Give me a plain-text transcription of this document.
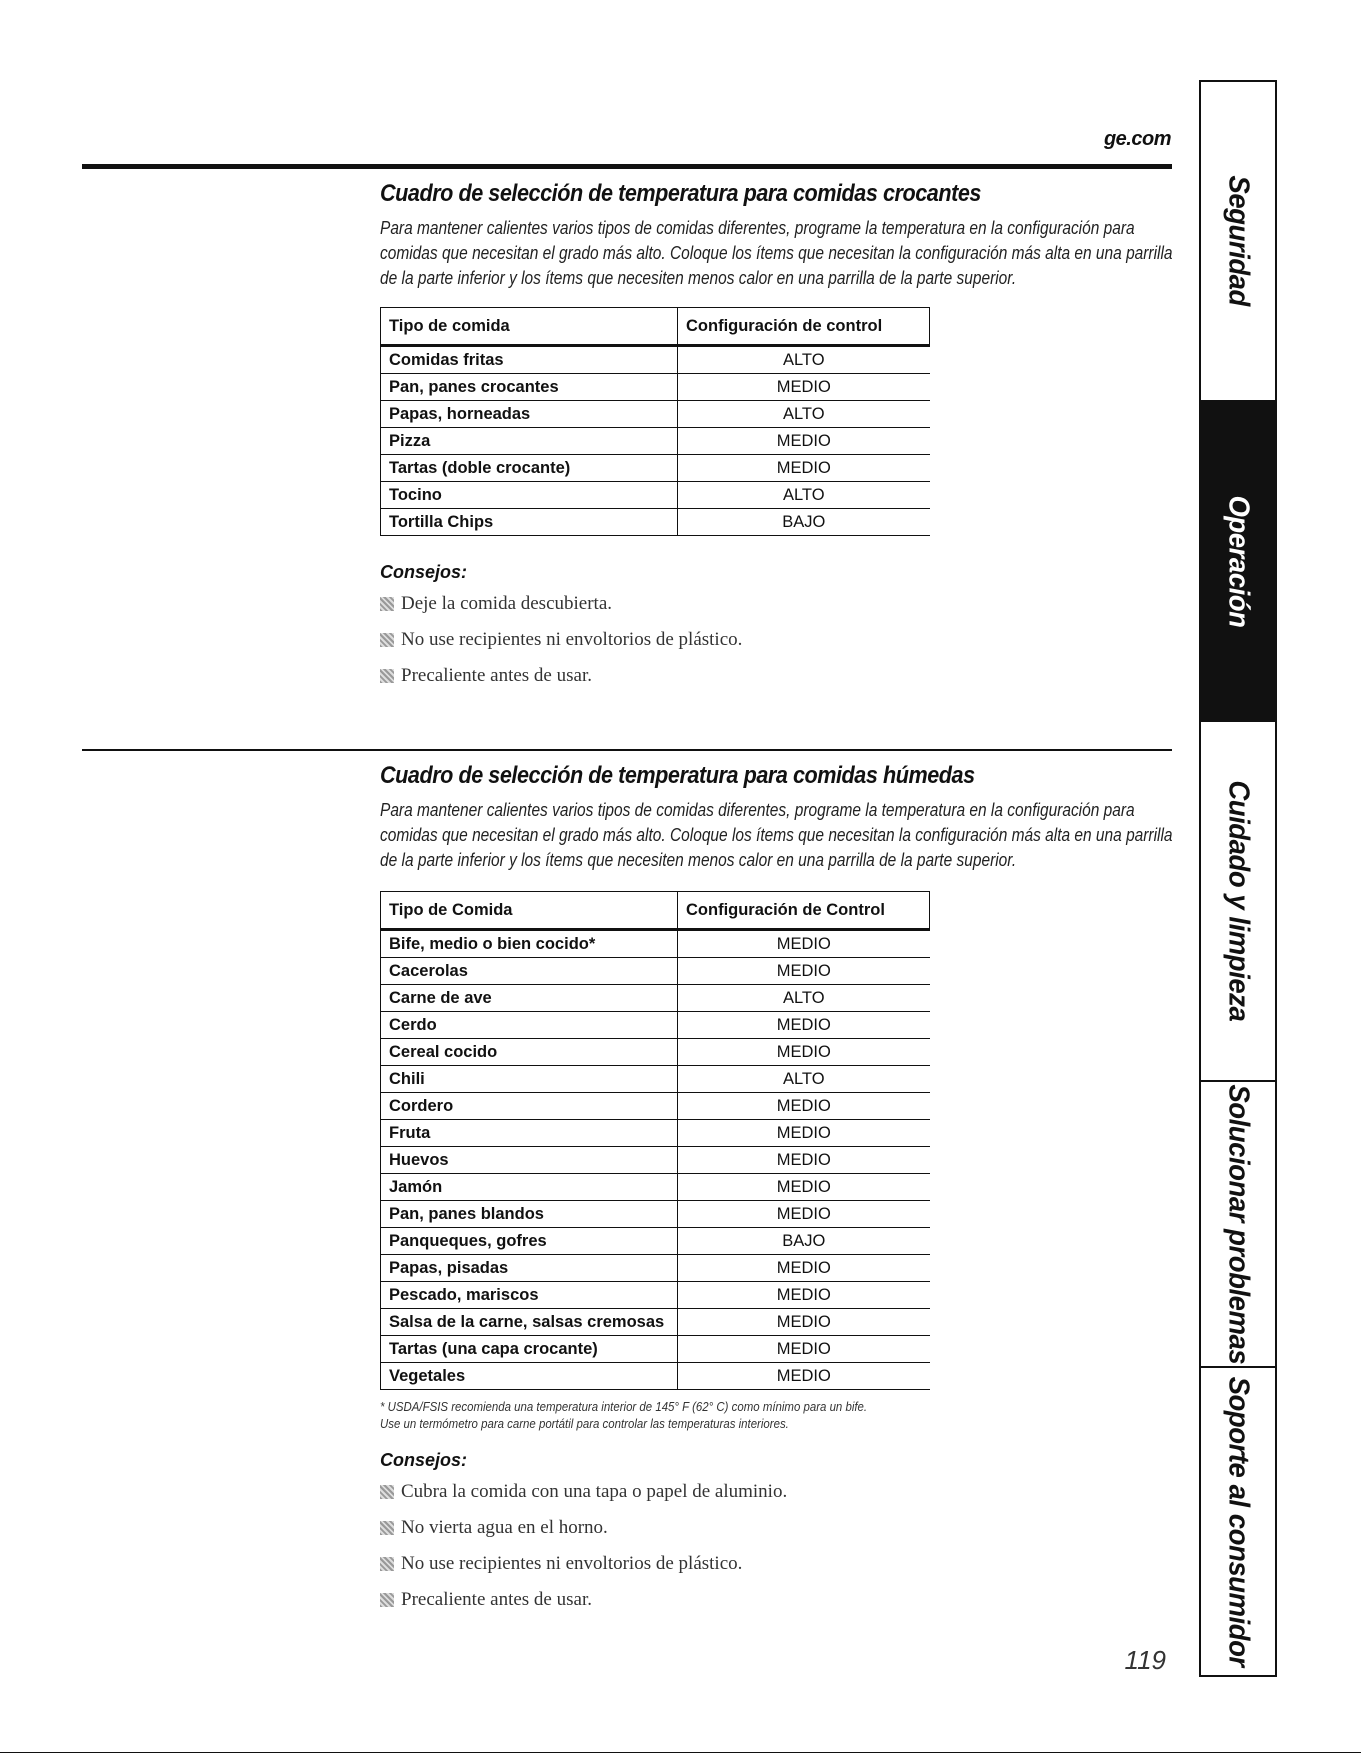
ge.com
Cuadro de selección de temperatura para comidas crocantes

Para mantener calientes varios tipos de comidas diferentes, programe la temperatura en la configuración para comidas que necesitan el grado más alto. Coloque los ítems que necesitan la configuración más alta en una parrilla de la parte inferior y los ítems que necesiten menos calor en una parrilla de la parte superior.

Tipo de comida	Configuración de control
Comidas fritas	ALTO
Pan, panes crocantes	MEDIO
Papas, horneadas	ALTO
Pizza	MEDIO
Tartas (doble crocante)	MEDIO
Tocino	ALTO
Tortilla Chips	BAJO
Consejos:
Deje la comida descubierta.
No use recipientes ni envoltorios de plástico.
Precaliente antes de usar.
Cuadro de selección de temperatura para comidas húmedas

Para mantener calientes varios tipos de comidas diferentes, programe la temperatura en la configuración para comidas que necesitan el grado más alto. Coloque los ítems que necesitan la configuración más alta en una parrilla de la parte inferior y los ítems que necesiten menos calor en una parrilla de la parte superior.

Tipo de Comida	Configuración de Control
Bife, medio o bien cocido*	MEDIO
Cacerolas	MEDIO
Carne de ave	ALTO
Cerdo	MEDIO
Cereal cocido	MEDIO
Chili	ALTO
Cordero	MEDIO
Fruta	MEDIO
Huevos	MEDIO
Jamón	MEDIO
Pan, panes blandos	MEDIO
Panqueques, gofres	BAJO
Papas, pisadas	MEDIO
Pescado, mariscos	MEDIO
Salsa de la carne, salsas cremosas	MEDIO
Tartas (una capa crocante)	MEDIO
Vegetales	MEDIO
* USDA/FSIS recomienda una temperatura interior de 145° F (62° C) como mínimo para un bife. Use un termómetro para carne portátil para controlar las temperaturas interiores.
Consejos:
Cubra la comida con una tapa o papel de aluminio.
No vierta agua en el horno.
No use recipientes ni envoltorios de plástico.
Precaliente antes de usar.
119
Seguridad
Operación
Cuidado y limpieza
Solucionar problemas
Soporte al consumidor
